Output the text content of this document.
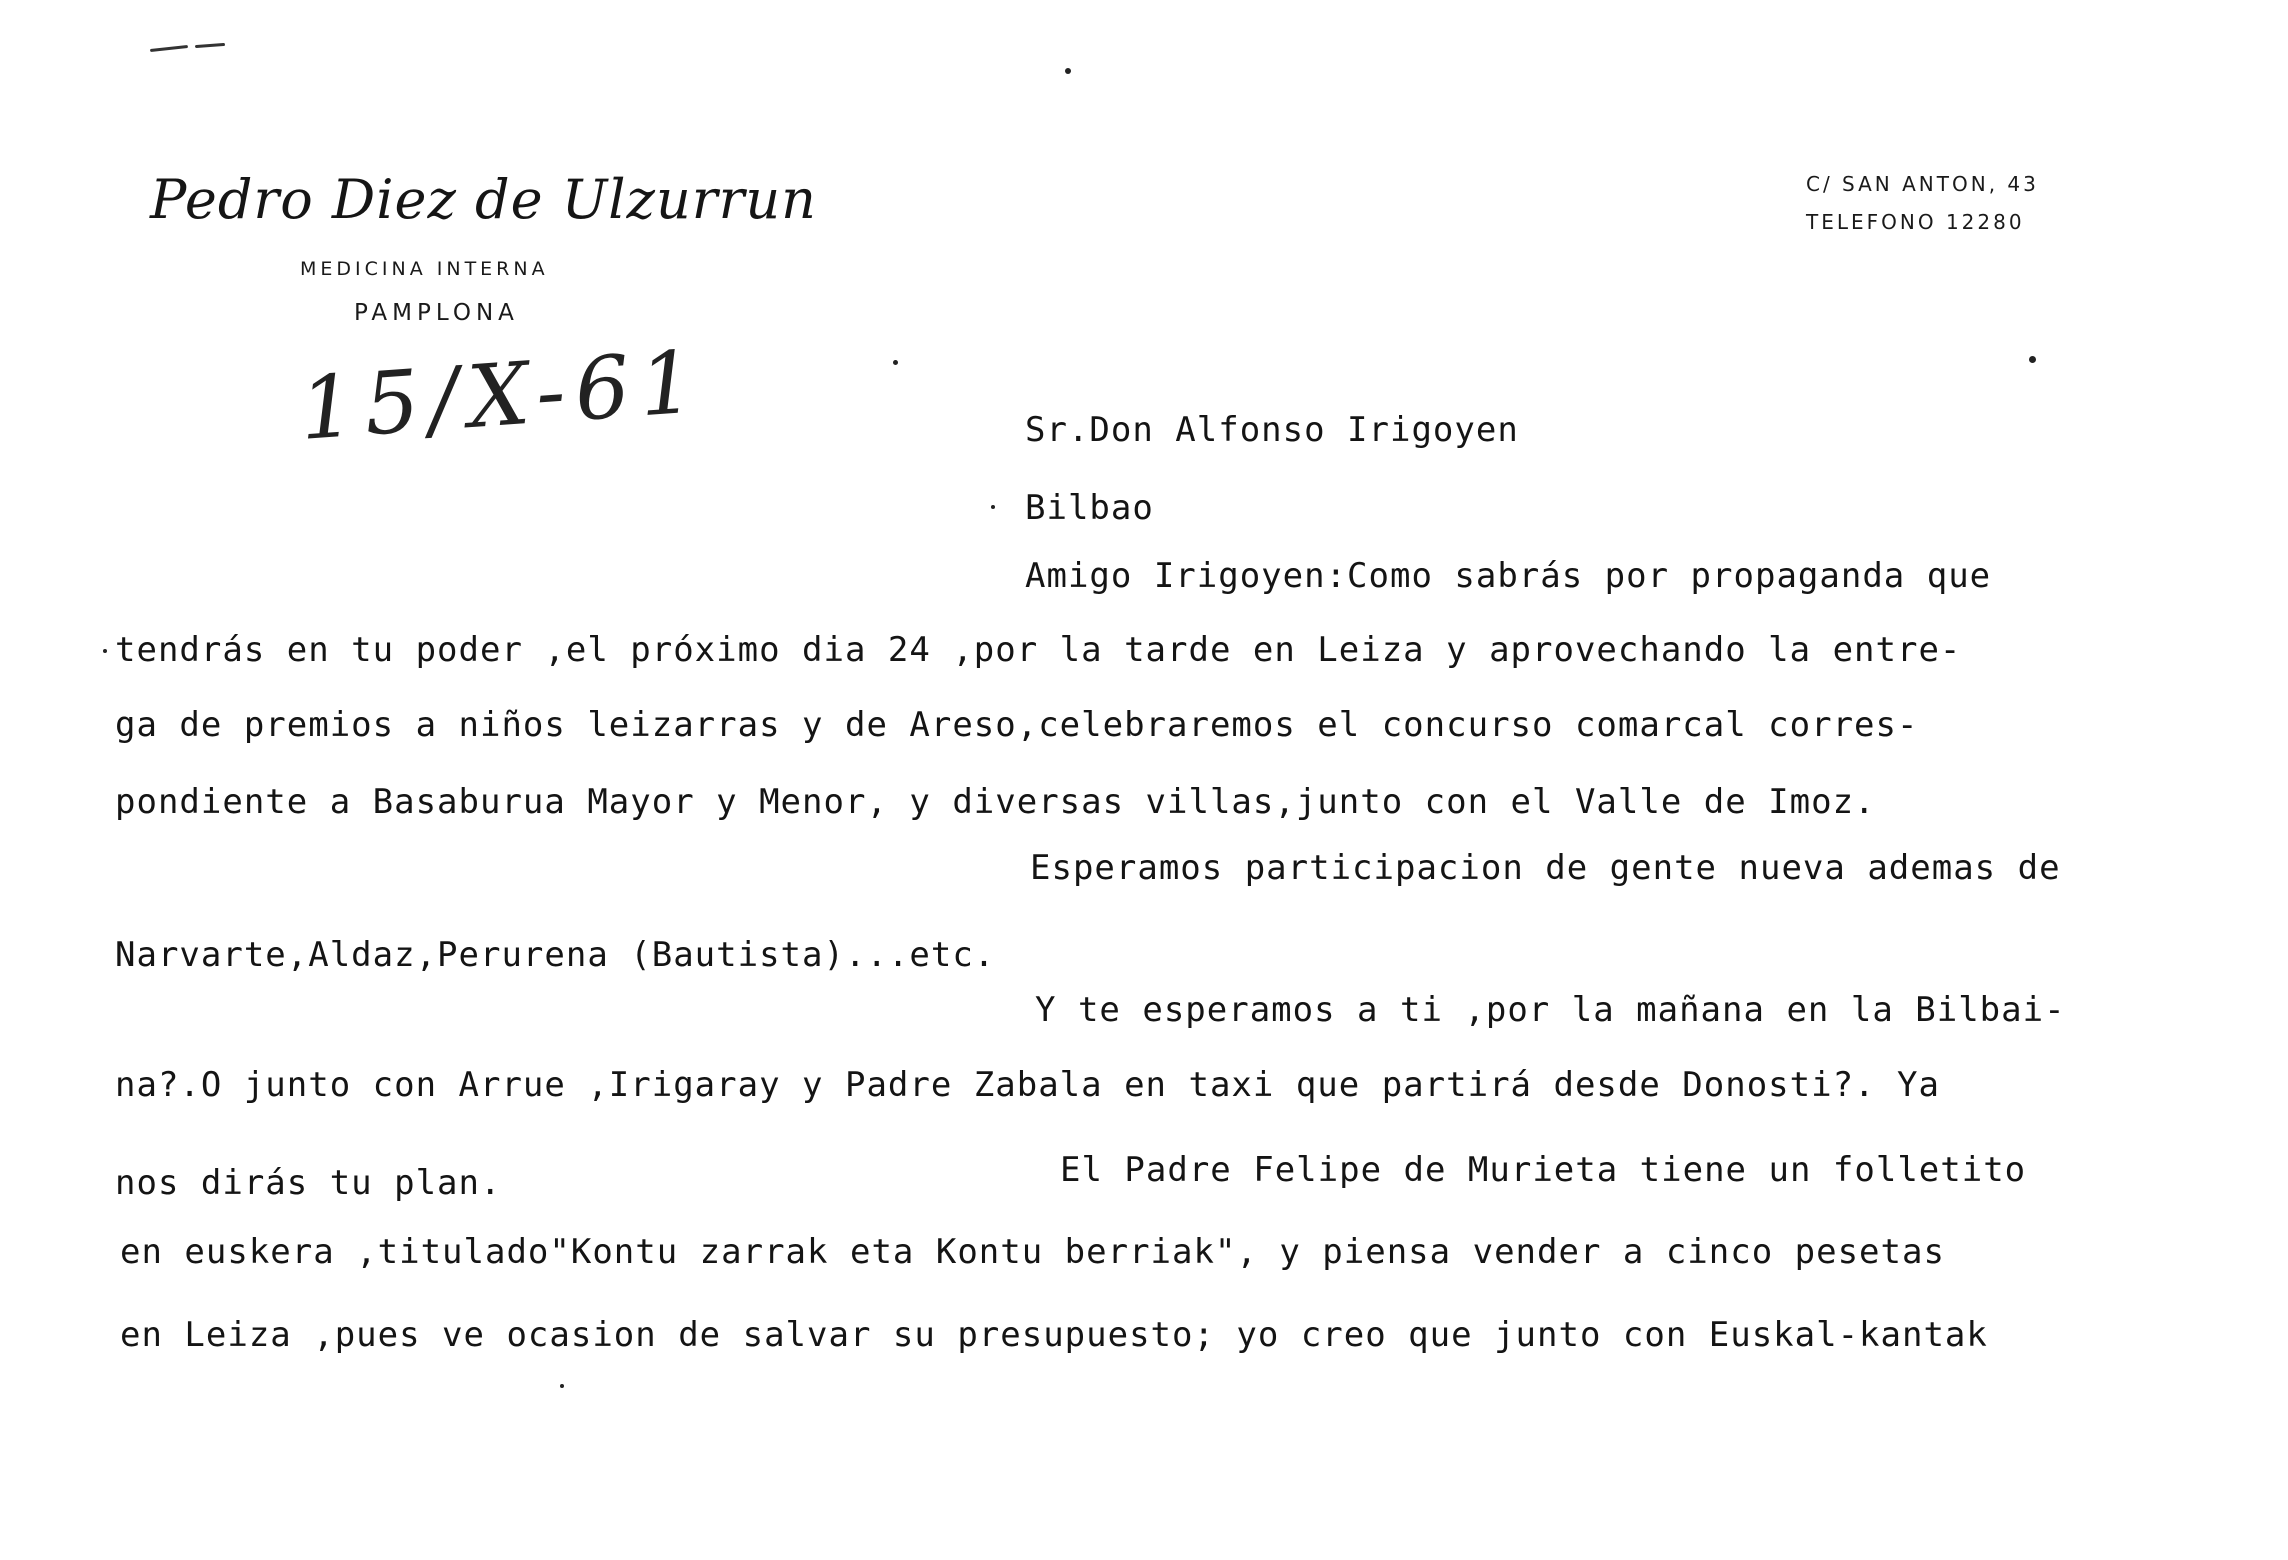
Pedro Diez de Ulzurrun
MEDICINA INTERNA
PAMPLONA
C/ SAN ANTON, 43
TELEFONO 12280
15/X-61	Sr.Don Alfonso Irigoyen
Bilbao
Amigo Irigoyen:Como sabrás por propaganda que
tendrás en tu poder ,el próximo dia 24 ,por la tarde en Leiza y aprovechando la entre-
ga de premios a niños leizarras y de Areso,celebraremos el concurso comarcal corres-
pondiente a Basaburua Mayor y Menor, y diversas villas,junto con el Valle de Imoz.
Esperamos participacion de gente nueva ademas de
Narvarte,Aldaz,Perurena (Bautista)...etc.
Y te esperamos a ti ,por la mañana en la Bilbai-
na?.O junto con Arrue ,Irigaray y Padre Zabala en taxi que partirá desde Donosti?. Ya
nos dirás tu plan.	El Padre Felipe de Murieta tiene un folletito
en euskera ,titulado"Kontu zarrak eta Kontu berriak", y piensa vender a cinco pesetas
en Leiza ,pues ve ocasion de salvar su presupuesto; yo creo que junto con Euskal-kantak
